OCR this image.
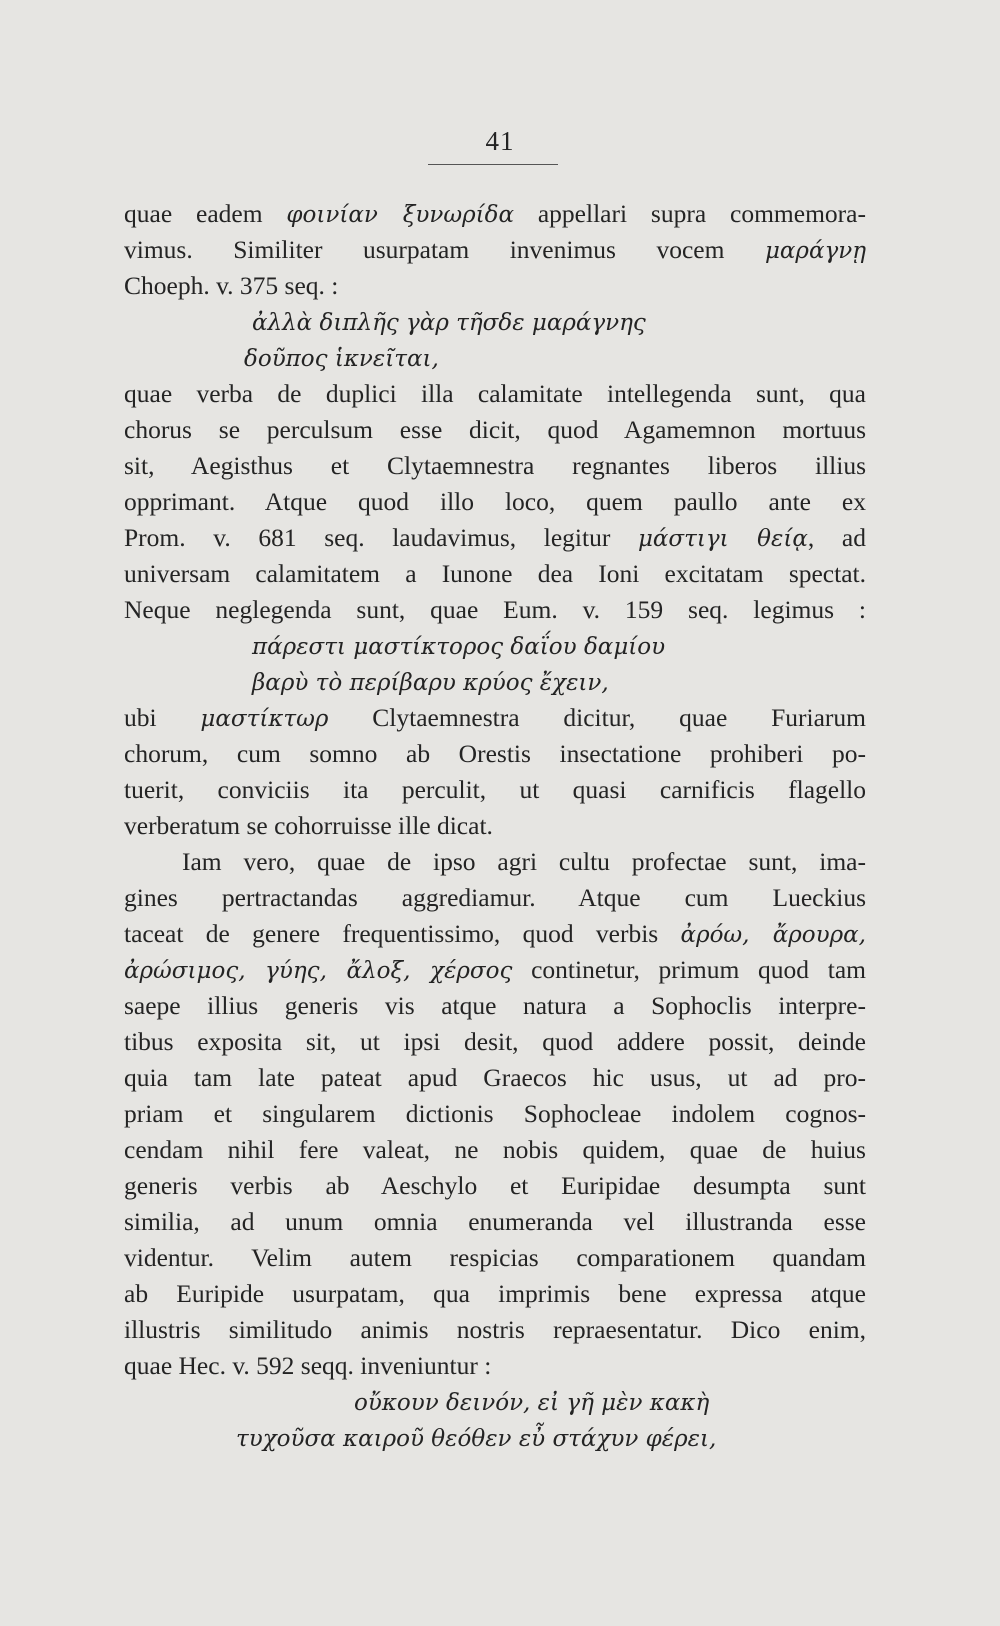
41
quae eadem φοινίαν ξυνωρίδα appellari supra commemora-
vimus. Similiter usurpatam invenimus vocem μαράγνῃ
Choeph. v. 375 seq. :
ἀλλὰ διπλῆς γὰρ τῆσδε μαράγνης
δοῦπος ἱκνεῖται,
quae verba de duplici illa calamitate intellegenda sunt, qua
chorus se perculsum esse dicit, quod Agamemnon mortuus
sit, Aegisthus et Clytaemnestra regnantes liberos illius
opprimant. Atque quod illo loco, quem paullo ante ex
Prom. v. 681 seq. laudavimus, legitur μάστιγι θείᾳ, ad
universam calamitatem a Iunone dea Ioni excitatam spectat.
Neque neglegenda sunt, quae Eum. v. 159 seq. legimus :
πάρεστι μαστίκτορος δαΐου δαμίου
βαρὺ τὸ περίβαρυ κρύος ἔχειν,
ubi μαστίκτωρ Clytaemnestra dicitur, quae Furiarum
chorum, cum somno ab Orestis insectatione prohiberi po-
tuerit, conviciis ita perculit, ut quasi carnificis flagello
verberatum se cohorruisse ille dicat.
Iam vero, quae de ipso agri cultu profectae sunt, ima-
gines pertractandas aggrediamur. Atque cum Lueckius
taceat de genere frequentissimo, quod verbis ἀρόω, ἄρουρα,
ἀρώσιμος, γύης, ἄλοξ, χέρσος continetur, primum quod tam
saepe illius generis vis atque natura a Sophoclis interpre-
tibus exposita sit, ut ipsi desit, quod addere possit, deinde
quia tam late pateat apud Graecos hic usus, ut ad pro-
priam et singularem dictionis Sophocleae indolem cognos-
cendam nihil fere valeat, ne nobis quidem, quae de huius
generis verbis ab Aeschylo et Euripidae desumpta sunt
similia, ad unum omnia enumeranda vel illustranda esse
videntur. Velim autem respicias comparationem quandam
ab Euripide usurpatam, qua imprimis bene expressa atque
illustris similitudo animis nostris repraesentatur. Dico enim,
quae Hec. v. 592 seqq. inveniuntur :
οὔκουν δεινόν, εἰ γῆ μὲν κακὴ
τυχοῦσα καιροῦ θεόθεν εὖ στάχυν φέρει,
